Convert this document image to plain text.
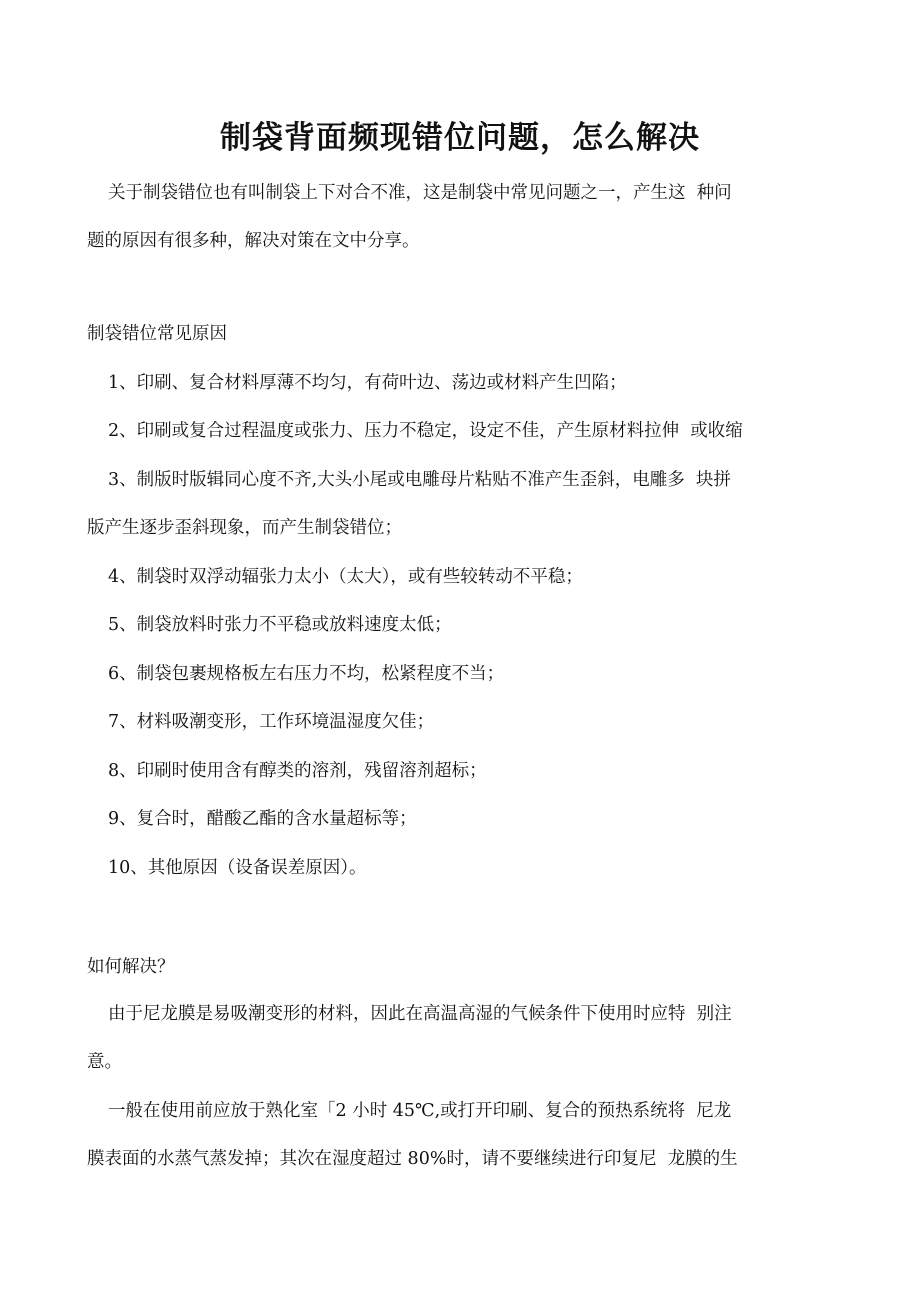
制袋背面频现错位问题，怎么解决

关于制袋错位也有叫制袋上下对合不准，这是制袋中常见问题之一，产生这  种问

题的原因有很多种，解决对策在文中分享。

制袋错位常见原因

1、印刷、复合材料厚薄不均匀，有荷叶边、荡边或材料产生凹陷；

2、印刷或复合过程温度或张力、压力不稳定，设定不佳，产生原材料拉伸  或收缩

3、制版时版辑同心度不齐,大头小尾或电雕母片粘贴不准产生歪斜，电雕多  块拼

版产生逐步歪斜现象，而产生制袋错位；

4、制袋时双浮动辐张力太小（太大），或有些较转动不平稳；

5、制袋放料时张力不平稳或放料速度太低；

6、制袋包裹规格板左右压力不均，松紧程度不当；

7、材料吸潮变形，工作环境温湿度欠佳；

8、印刷时使用含有醇类的溶剂，残留溶剂超标；

9、复合时，醋酸乙酯的含水量超标等；

10、其他原因（设备误差原因）。

如何解决？

由于尼龙膜是易吸潮变形的材料，因此在高温高湿的气候条件下使用时应特  别注

意。

一般在使用前应放于熟化室「2 小时 45℃,或打开印刷、复合的预热系统将  尼龙

膜表面的水蒸气蒸发掉；其次在湿度超过 80%时，请不要继续进行印复尼  龙膜的生
